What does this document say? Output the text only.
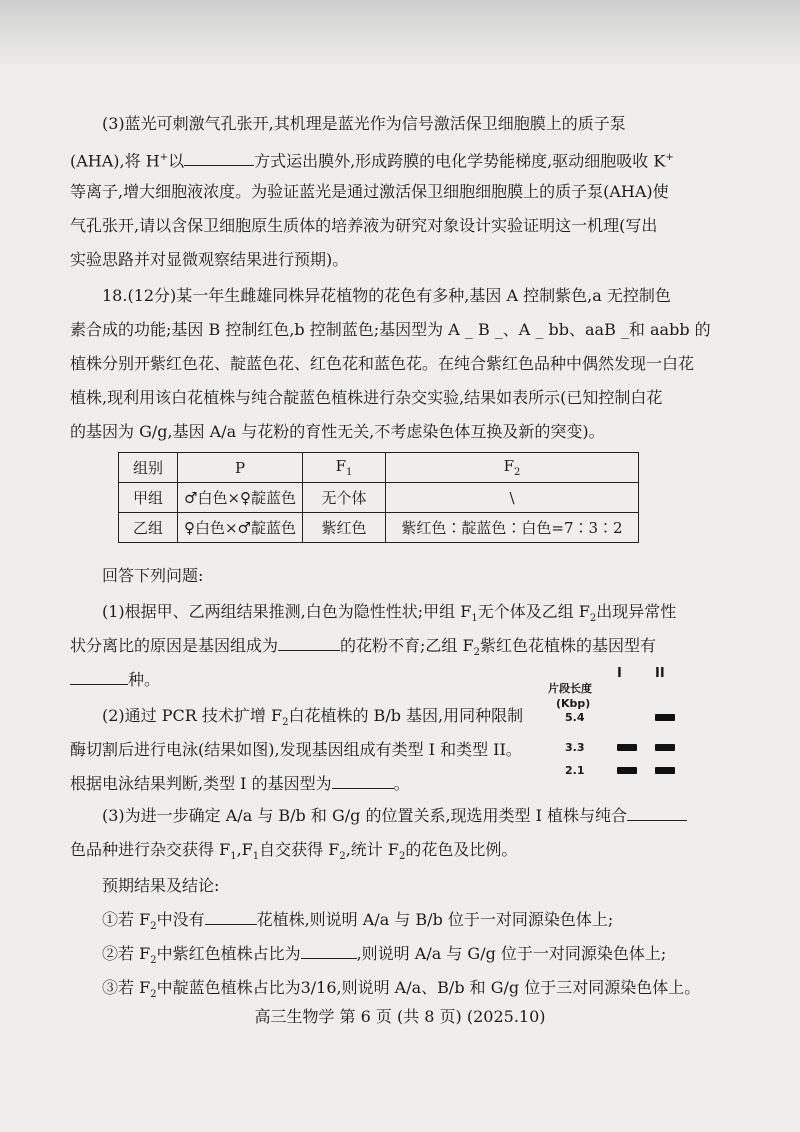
(3)蓝光可刺激气孔张开,其机理是蓝光作为信号激活保卫细胞膜上的质子泵

(AHA),将 H+以	方式运出膜外,形成跨膜的电化学势能梯度,驱动细胞吸收 K+

等离子,增大细胞液浓度。为验证蓝光是通过激活保卫细胞细胞膜上的质子泵(AHA)使

气孔张开,请以含保卫细胞原生质体的培养液为研究对象设计实验证明这一机理(写出

实验思路并对显微观察结果进行预期)。

18.(12分)某一年生雌雄同株异花植物的花色有多种,基因 A 控制紫色,a 无控制色

素合成的功能;基因 B 控制红色,b 控制蓝色;基因型为 A _ B _、A _ bb、aaB _和 aabb 的

植株分别开紫红色花、靛蓝色花、红色花和蓝色花。在纯合紫红色品种中偶然发现一白花

植株,现利用该白花植株与纯合靛蓝色植株进行杂交实验,结果如表所示(已知控制白花

的基因为 G/g,基因 A/a 与花粉的育性无关,不考虑染色体互换及新的突变)。

组别	P	$F_1$	$F_2$
甲组	♂白色×♀靛蓝色	无个体	\
乙组	♀白色×♂靛蓝色	紫红色	紫红色∶靛蓝色∶白色=7∶3∶2

回答下列问题:

(1)根据甲、乙两组结果推测,白色为隐性性状;甲组 $F_1$无个体及乙组 $F_2$出现异常性

状分离比的原因是基因组成为	的花粉不育;乙组 $F_2$紫红色花植株的基因型有

种。

(2)通过 PCR 技术扩增 $F_2$白花植株的 B/b 基因,用同种限制

酶切割后进行电泳(结果如图),发现基因组成有类型 I 和类型 II。

根据电泳结果判断,类型 I 的基因型为	。

I	II
片段长度
(Kbp)
5.4
3.3
2.1

(3)为进一步确定 A/a 与 B/b 和 G/g 的位置关系,现选用类型 I 植株与纯合

色品种进行杂交获得 $F_1,F_1$自交获得 $F_2$,统计 $F_2$的花色及比例。

预期结果及结论:

①若 $F_2$中没有	花植株,则说明 A/a 与 B/b 位于一对同源染色体上;

②若 $F_2$中紫红色植株占比为	,则说明 A/a 与 G/g 位于一对同源染色体上;

③若 $F_2$中靛蓝色植株占比为3/16,则说明 A/a、B/b 和 G/g 位于三对同源染色体上。

高三生物学 第 6 页 (共 8 页) (2025.10)
